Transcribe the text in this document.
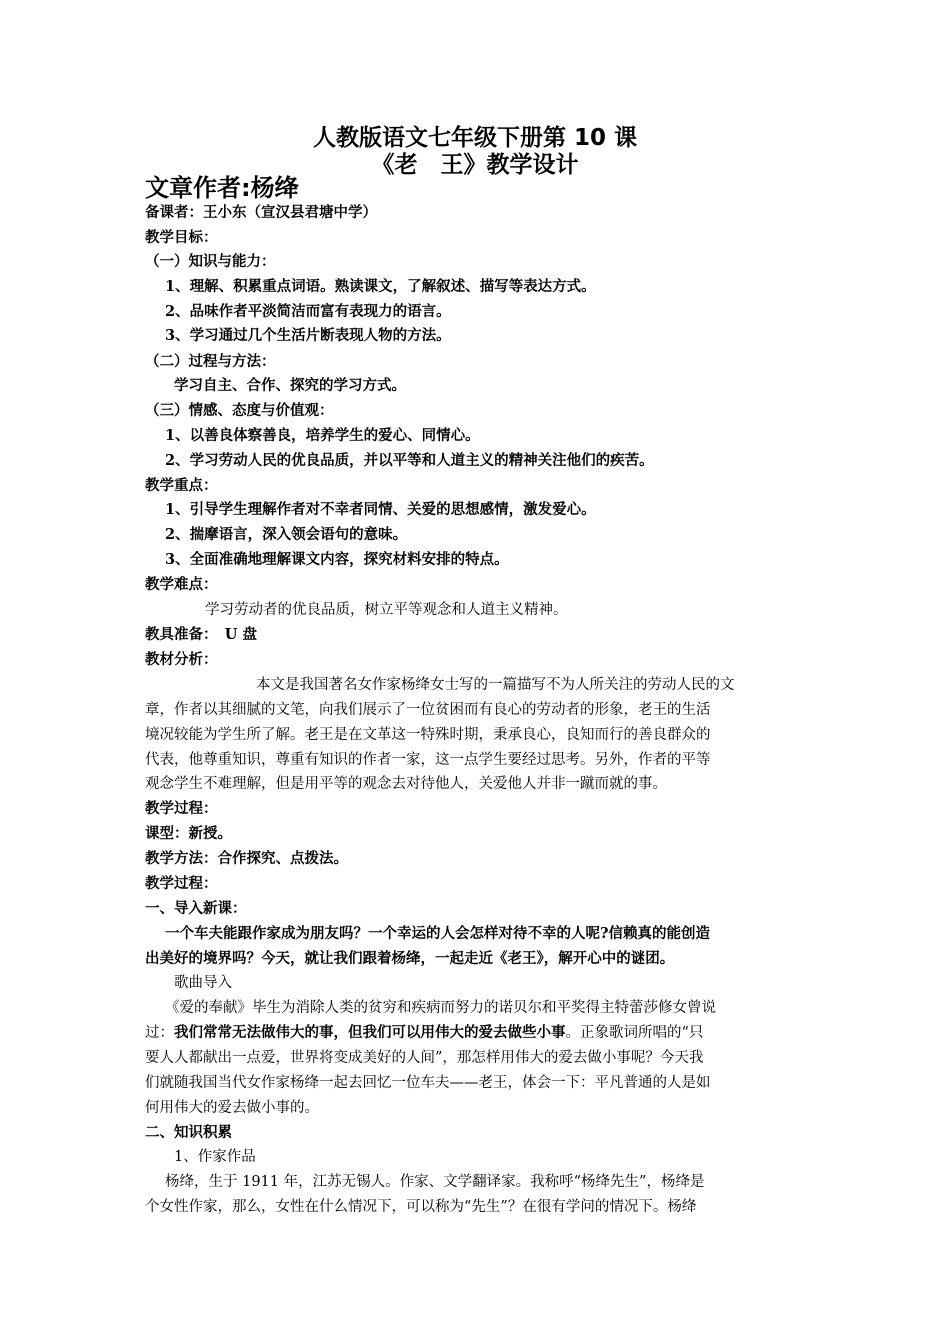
人教版语文七年级下册第 10 课
《老　王》教学设计
文章作者:杨绛
备课者：王小东（宣汉县君塘中学）
教学目标：
（一）知识与能力：
1、理解、积累重点词语。熟读课文，了解叙述、描写等表达方式。
2、品味作者平淡简洁而富有表现力的语言。
3、学习通过几个生活片断表现人物的方法。
（二）过程与方法：
学习自主、合作、探究的学习方式。
（三）情感、态度与价值观：
1、以善良体察善良，培养学生的爱心、同情心。
2、学习劳动人民的优良品质，并以平等和人道主义的精神关注他们的疾苦。
教学重点：
1、引导学生理解作者对不幸者同情、关爱的思想感情，激发爱心。
2、揣摩语言，深入领会语句的意味。
3、全面准确地理解课文内容，探究材料安排的特点。
教学难点：
学习劳动者的优良品质，树立平等观念和人道主义精神。
教具准备：　U 盘
教材分析：
本文是我国著名女作家杨绛女士写的一篇描写不为人所关注的劳动人民的文
章，作者以其细腻的文笔，向我们展示了一位贫困而有良心的劳动者的形象，老王的生活
境况较能为学生所了解。老王是在文革这一特殊时期，秉承良心，良知而行的善良群众的
代表，他尊重知识，尊重有知识的作者一家，这一点学生要经过思考。另外，作者的平等
观念学生不难理解，但是用平等的观念去对待他人，关爱他人并非一蹴而就的事。
教学过程：
课型：新授。
教学方法：合作探究、点拨法。
教学过程：
一、导入新课：
一个车夫能跟作家成为朋友吗？一个幸运的人会怎样对待不幸的人呢?信赖真的能创造
出美好的境界吗？今天，就让我们跟着杨绛，一起走近《老王》，解开心中的谜团。
歌曲导入
《爱的奉献》毕生为消除人类的贫穷和疾病而努力的诺贝尔和平奖得主特蕾莎修女曾说
过：我们常常无法做伟大的事，但我们可以用伟大的爱去做些小事。正象歌词所唱的“只
要人人都献出一点爱，世界将变成美好的人间”，那怎样用伟大的爱去做小事呢？今天我
们就随我国当代女作家杨绛一起去回忆一位车夫——老王，体会一下：平凡普通的人是如
何用伟大的爱去做小事的。
二、知识积累
1、作家作品
杨绛，生于 1911 年，江苏无锡人。作家、文学翻译家。我称呼“杨绛先生”，杨绛是
个女性作家，那么，女性在什么情况下，可以称为“先生”？在很有学问的情况下。杨绛
